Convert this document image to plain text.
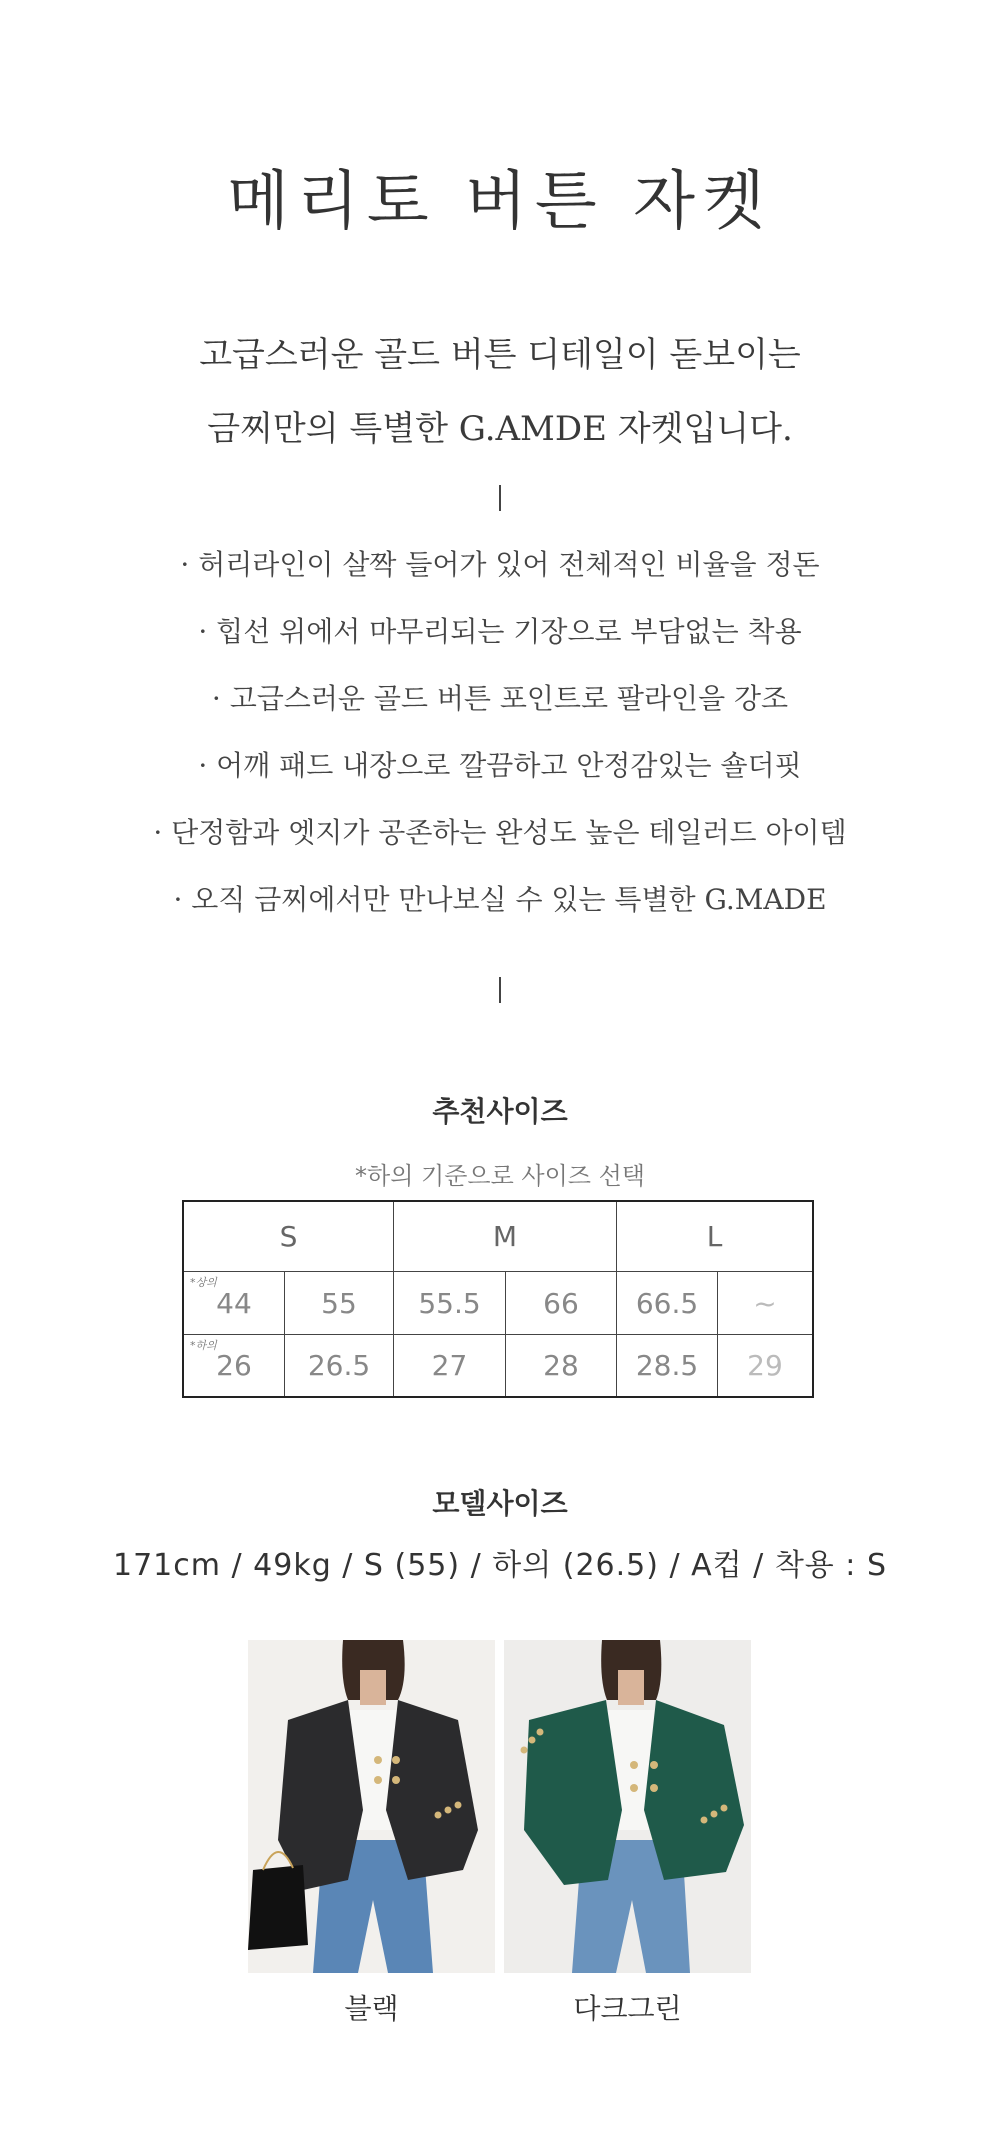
메리토 버튼 자켓
고급스러운 골드 버튼 디테일이 돋보이는
금찌만의 특별한 G.AMDE 자켓입니다.
· 허리라인이 살짝 들어가 있어 전체적인 비율을 정돈
· 힙선 위에서 마무리되는 기장으로 부담없는 착용
· 고급스러운 골드 버튼 포인트로 팔라인을 강조
· 어깨 패드 내장으로 깔끔하고 안정감있는 숄더핏
· 단정함과 엣지가 공존하는 완성도 높은 테일러드 아이템
· 오직 금찌에서만 만나보실 수 있는 특별한 G.MADE
추천사이즈
*하의 기준으로 사이즈 선택
S		M		L	

*상의
44	55	55.5	66	66.5	~

*하의
26	26.5	27	28	28.5	29
모델사이즈
171cm / 49kg / S (55) / 하의 (26.5) / A컵 / 착용 : S
블랙	다크그린
